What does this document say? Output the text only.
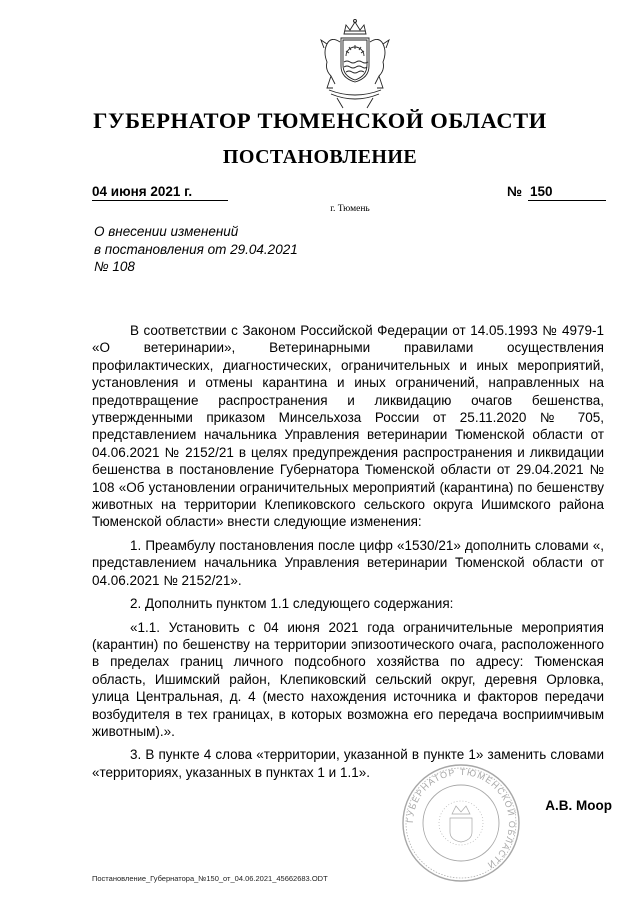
ГУБЕРНАТОР ТЮМЕНСКОЙ ОБЛАСТИ
ПОСТАНОВЛЕНИЕ
04 июня 2021 г.	№ 150
г. Тюмень
О внесении изменений
в постановления от 29.04.2021
№ 108

В соответствии с Законом Российской Федерации от 14.05.1993 № 4979-1 «О ветеринарии», Ветеринарными правилами осуществления профилактических, диагностических, ограничительных и иных мероприятий, установления и отмены карантина и иных ограничений, направленных на предотвращение распространения и ликвидацию очагов бешенства, утвержденными приказом Минсельхоза России от 25.11.2020 № 705, представлением начальника Управления ветеринарии Тюменской области от 04.06.2021 № 2152/21 в целях предупреждения распространения и ликвидации бешенства в постановление Губернатора Тюменской области от 29.04.2021 № 108 «Об установлении ограничительных мероприятий (карантина) по бешенству животных на территории Клепиковского сельского округа Ишимского района Тюменской области» внести следующие изменения:

1. Преамбулу постановления после цифр «1530/21» дополнить словами «, представлением начальника Управления ветеринарии Тюменской области от 04.06.2021 № 2152/21».

2. Дополнить пунктом 1.1 следующего содержания:

«1.1. Установить с 04 июня 2021 года ограничительные мероприятия (карантин) по бешенству на территории эпизоотического очага, расположенного в пределах границ личного подсобного хозяйства по адресу: Тюменская область, Ишимский район, Клепиковский сельский округ, деревня Орловка, улица Центральная, д. 4 (место нахождения источника и факторов передачи возбудителя в тех границах, в которых возможна его передача восприимчивым животным).».

3. В пункте 4 слова «территории, указанной в пункте 1» заменить словами «территориях, указанных в пунктах 1 и 1.1».

ГУБЕРНАТОР ТЮМЕНСКОЙ ОБЛАСТИ
А.В. Моор
Постановление_Губернатора_№150_от_04.06.2021_45662683.ODT
